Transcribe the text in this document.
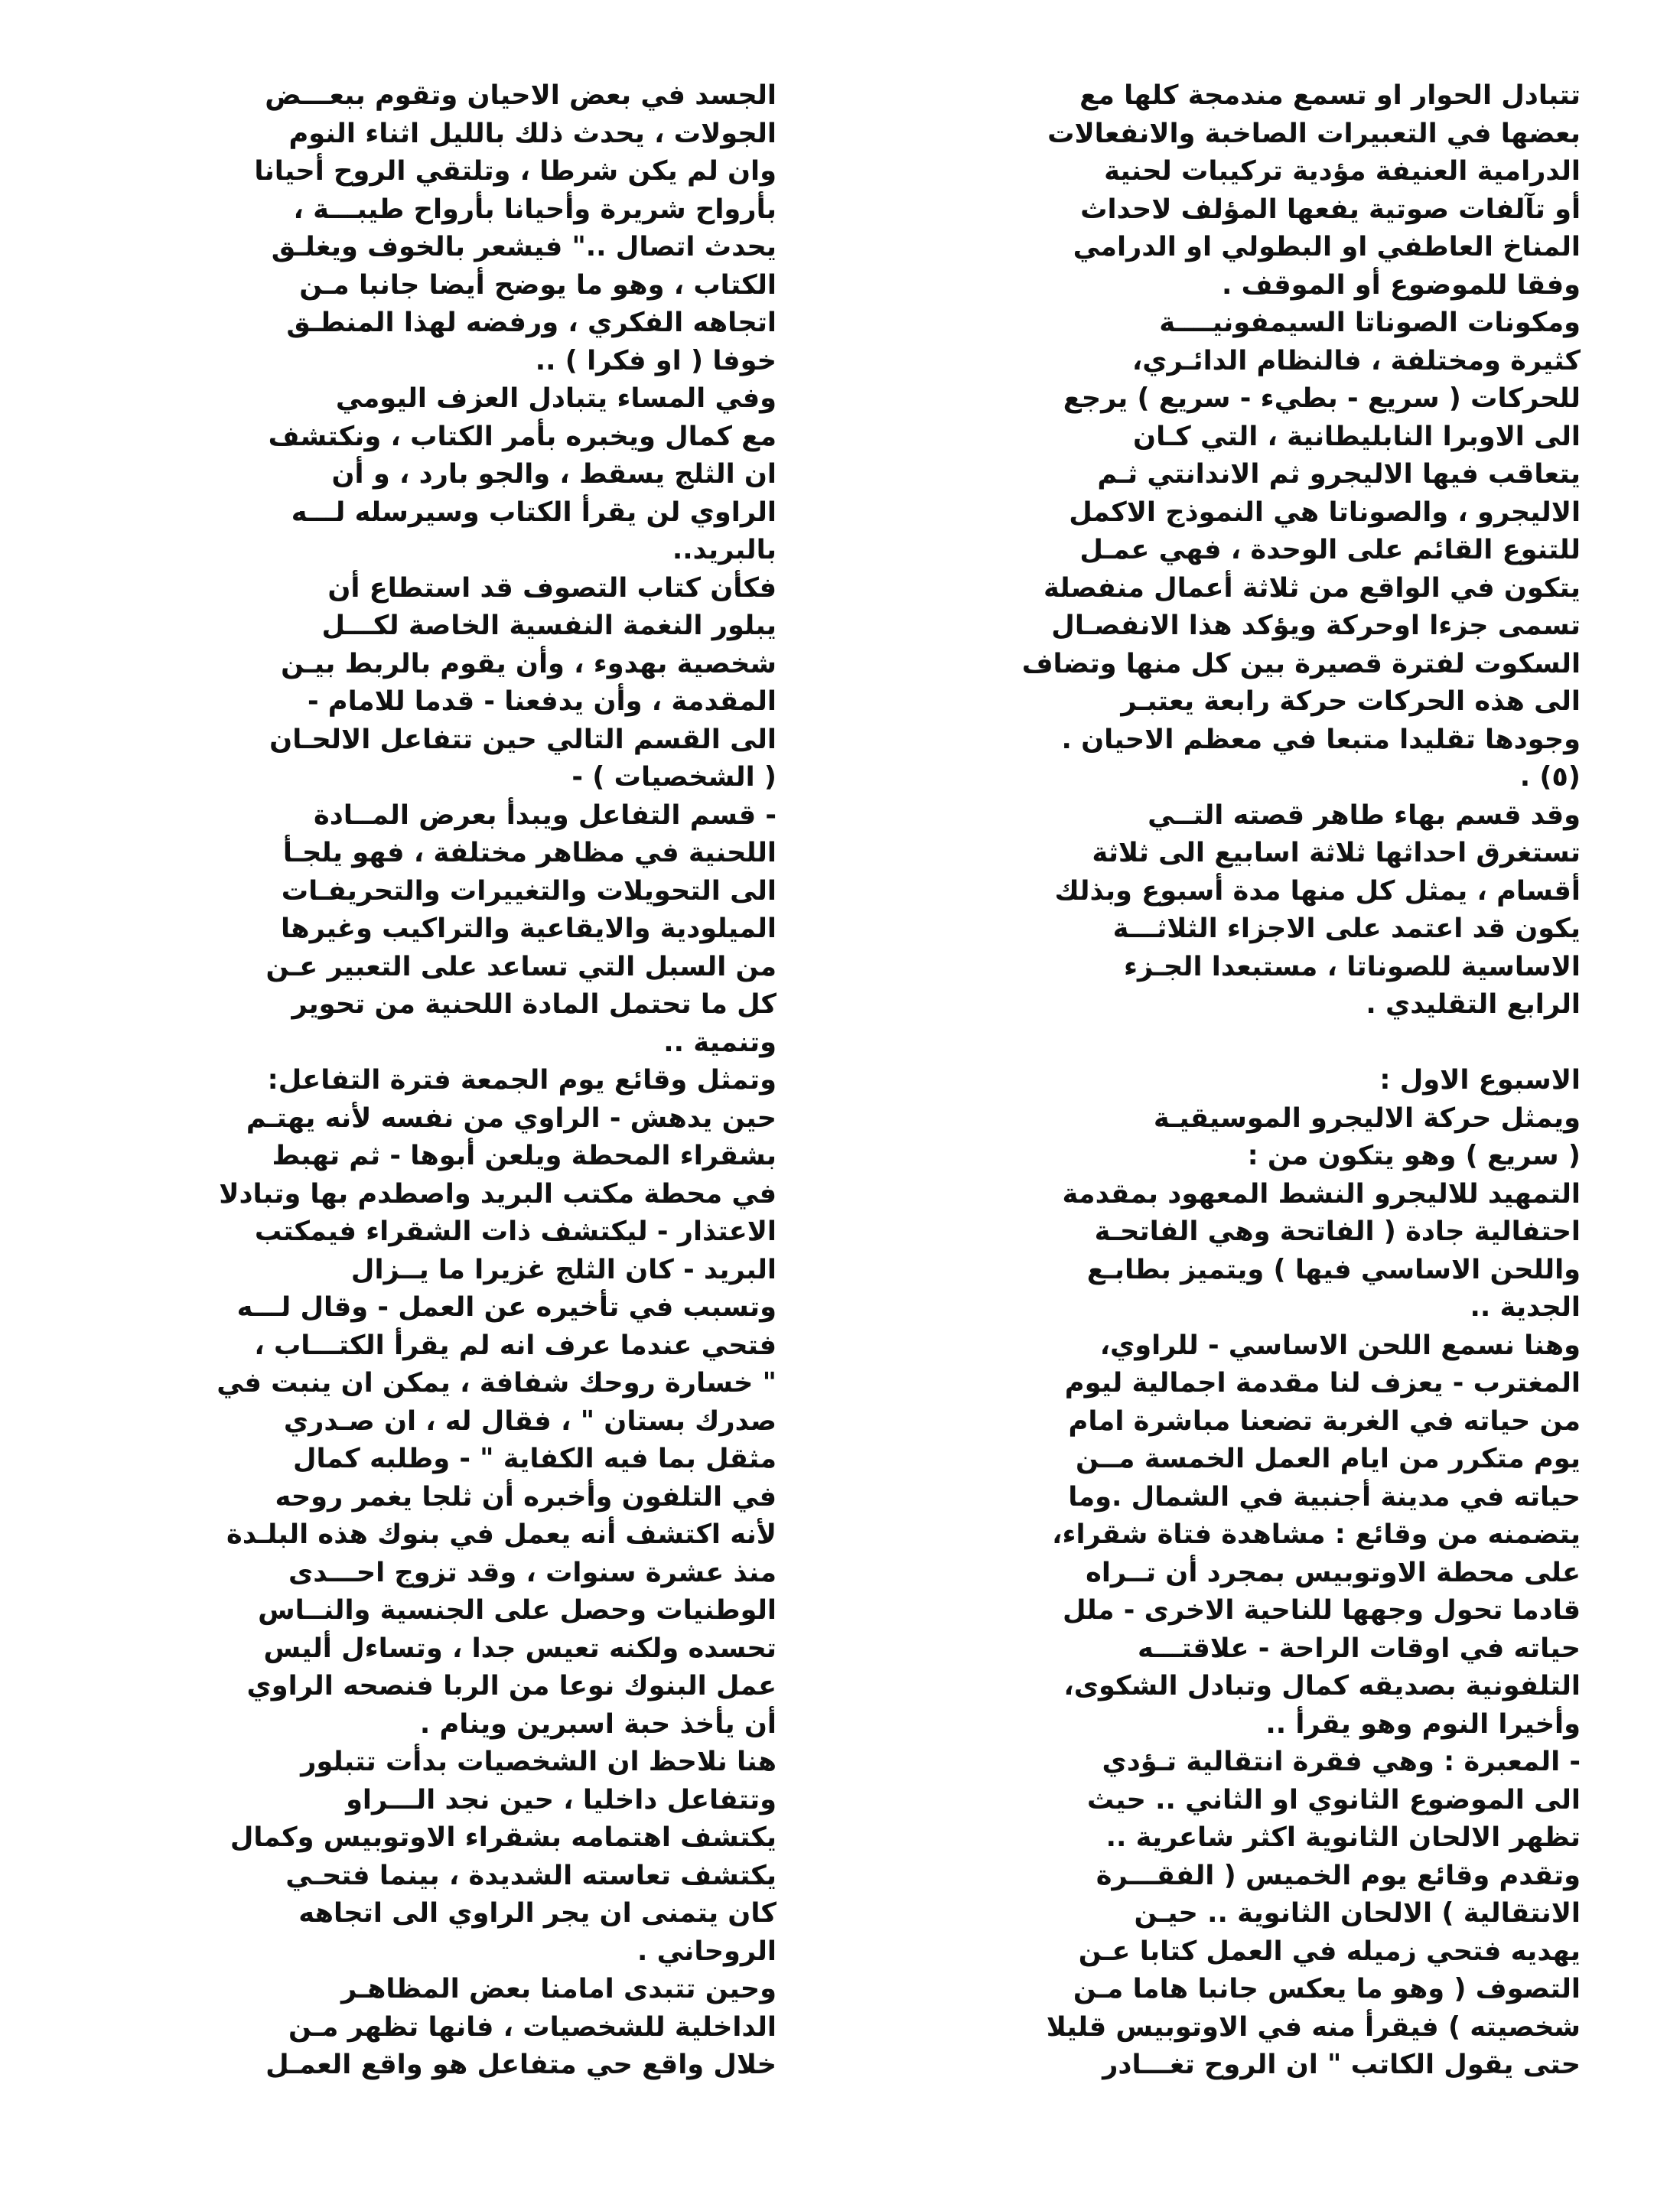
تتبادل الحوار او تسمع مندمجة كلها مع
بعضها في التعبيرات الصاخبة والانفعالات
الدرامية العنيفة مؤدية تركيبات لحنية
أو تآلفات صوتية يفعها المؤلف لاحداث
المناخ العاطفي او البطولي او الدرامي
وفقا للموضوع أو الموقف .
ومكونات الصوناتا السيمفونيــــة
كثيرة ومختلفة ، فالنظام الدائـري،
للحركات ( سريع - بطيء - سريع ) يرجع
الى الاوبرا النابليطانية ، التي كـان
يتعاقب فيها الاليجرو ثم الاندانتي ثـم
الاليجرو ، والصوناتا هي النموذج الاكمل
للتنوع القائم على الوحدة ، فهي عمـل
يتكون في الواقع من ثلاثة أعمال منفصلة
تسمى جزءا اوحركة ويؤكد هذا الانفصـال
السكوت لفترة قصيرة بين كل منها وتضاف
الى هذه الحركات حركة رابعة يعتبـر
وجودها تقليدا متبعا في معظم الاحيان .
(٥) .
وقد قسم بهاء طاهر قصته التــي
تستغرق احداثها ثلاثة اسابيع الى ثلاثة
أقسام ، يمثل كل منها مدة أسبوع وبذلك
يكون قد اعتمد على الاجزاء الثلاثـــة
الاساسية للصوناتا ، مستبعدا الجـزء
الرابع التقليدي .
الاسبوع الاول :
ويمثل حركة الاليجرو الموسيقيـة
( سريع ) وهو يتكون من :
التمهيد للاليجرو النشط المعهود بمقدمة
احتفالية جادة ( الفاتحة وهي الفاتحـة
واللحن الاساسي فيها ) ويتميز بطابـع
الجدية ..
وهنا نسمع اللحن الاساسي - للراوي،
المغترب - يعزف لنا مقدمة اجمالية ليوم
من حياته في الغربة تضعنا مباشرة امام
يوم متكرر من ايام العمل الخمسة مــن
حياته في مدينة أجنبية في الشمال .وما
يتضمنه من وقائع : مشاهدة فتاة شقراء،
على محطة الاوتوبيس بمجرد أن تــراه
قادما تحول وجهها للناحية الاخرى - ملل
حياته في اوقات الراحة - علاقتـــه
التلفونية بصديقه كمال وتبادل الشكوى،
وأخيرا النوم وهو يقرأ ..
- المعبرة : وهي فقرة انتقالية تـؤدي
الى الموضوع الثانوي او الثاني .. حيث
تظهر الالحان الثانوية اكثر شاعرية ..
وتقدم وقائع يوم الخميس ( الفقـــرة
الانتقالية ) الالحان الثانوية .. حيـن
يهديه فتحي زميله في العمل كتابا عـن
التصوف ( وهو ما يعكس جانبا هاما مـن
شخصيته ) فيقرأ منه في الاوتوبيس قليلا
حتى يقول الكاتب " ان الروح تغـــادر
الجسد في بعض الاحيان وتقوم ببعـــض
الجولات ، يحدث ذلك بالليل اثناء النوم
وان لم يكن شرطا ، وتلتقي الروح أحيانا
بأرواح شريرة وأحيانا بأرواح طيبـــة ،
يحدث اتصال .." فيشعر بالخوف ويغلـق
الكتاب ، وهو ما يوضح أيضا جانبا مـن
اتجاهه الفكري ، ورفضه لهذا المنطـق
خوفا ( او فكرا ) ..
وفي المساء يتبادل العزف اليومي
مع كمال ويخبره بأمر الكتاب ، ونكتشف
ان الثلج يسقط ، والجو بارد ، و أن
الراوي لن يقرأ الكتاب وسيرسله لـــه
بالبريد..
فكأن كتاب التصوف قد استطاع أن
يبلور النغمة النفسية الخاصة لكـــل
شخصية بهدوء ، وأن يقوم بالربط بيـن
المقدمة ، وأن يدفعنا - قدما للامام -
الى القسم التالي حين تتفاعل الالحـان
( الشخصيات ) -
- قسم التفاعل ويبدأ بعرض المــادة
اللحنية في مظاهر مختلفة ، فهو يلجـأ
الى التحويلات والتغييرات والتحريفـات
الميلودية والايقاعية والتراكيب وغيرها
من السبل التي تساعد على التعبير عـن
كل ما تحتمل المادة اللحنية من تحوير
وتنمية ..
وتمثل وقائع يوم الجمعة فترة التفاعل:
حين يدهش - الراوي من نفسه لأنه يهتـم
بشقراء المحطة ويلعن أبوها - ثم تهبط
في محطة مكتب البريد واصطدم بها وتبادلا
الاعتذار - ليكتشف ذات الشقراء فيمكتب
البريد - كان الثلج غزيرا ما يــزال
وتسبب في تأخيره عن العمل - وقال لـــه
فتحي عندما عرف انه لم يقرأ الكتـــاب ،
" خسارة روحك شفافة ، يمكن ان ينبت في
صدرك بستان " ، فقال له ، ان صـدري
مثقل بما فيه الكفاية " - وطلبه كمال
في التلفون وأخبره أن ثلجا يغمر روحه
لأنه اكتشف أنه يعمل في بنوك هذه البلـدة
منذ عشرة سنوات ، وقد تزوج احـــدى
الوطنيات وحصل على الجنسية والنــاس
تحسده ولكنه تعيس جدا ، وتساءل أليس
عمل البنوك نوعا من الربا فنصحه الراوي
أن يأخذ حبة اسبرين وينام .
هنا نلاحظ ان الشخصيات بدأت تتبلور
وتتفاعل داخليا ، حين نجد الـــراو
يكتشف اهتمامه بشقراء الاوتوبيس وكمال
يكتشف تعاسته الشديدة ، بينما فتحـي
كان يتمنى ان يجر الراوي الى اتجاهه
الروحاني .
وحين تتبدى امامنا بعض المظاهـر
الداخلية للشخصيات ، فانها تظهر مـن
خلال واقع حي متفاعل هو واقع العمـل
